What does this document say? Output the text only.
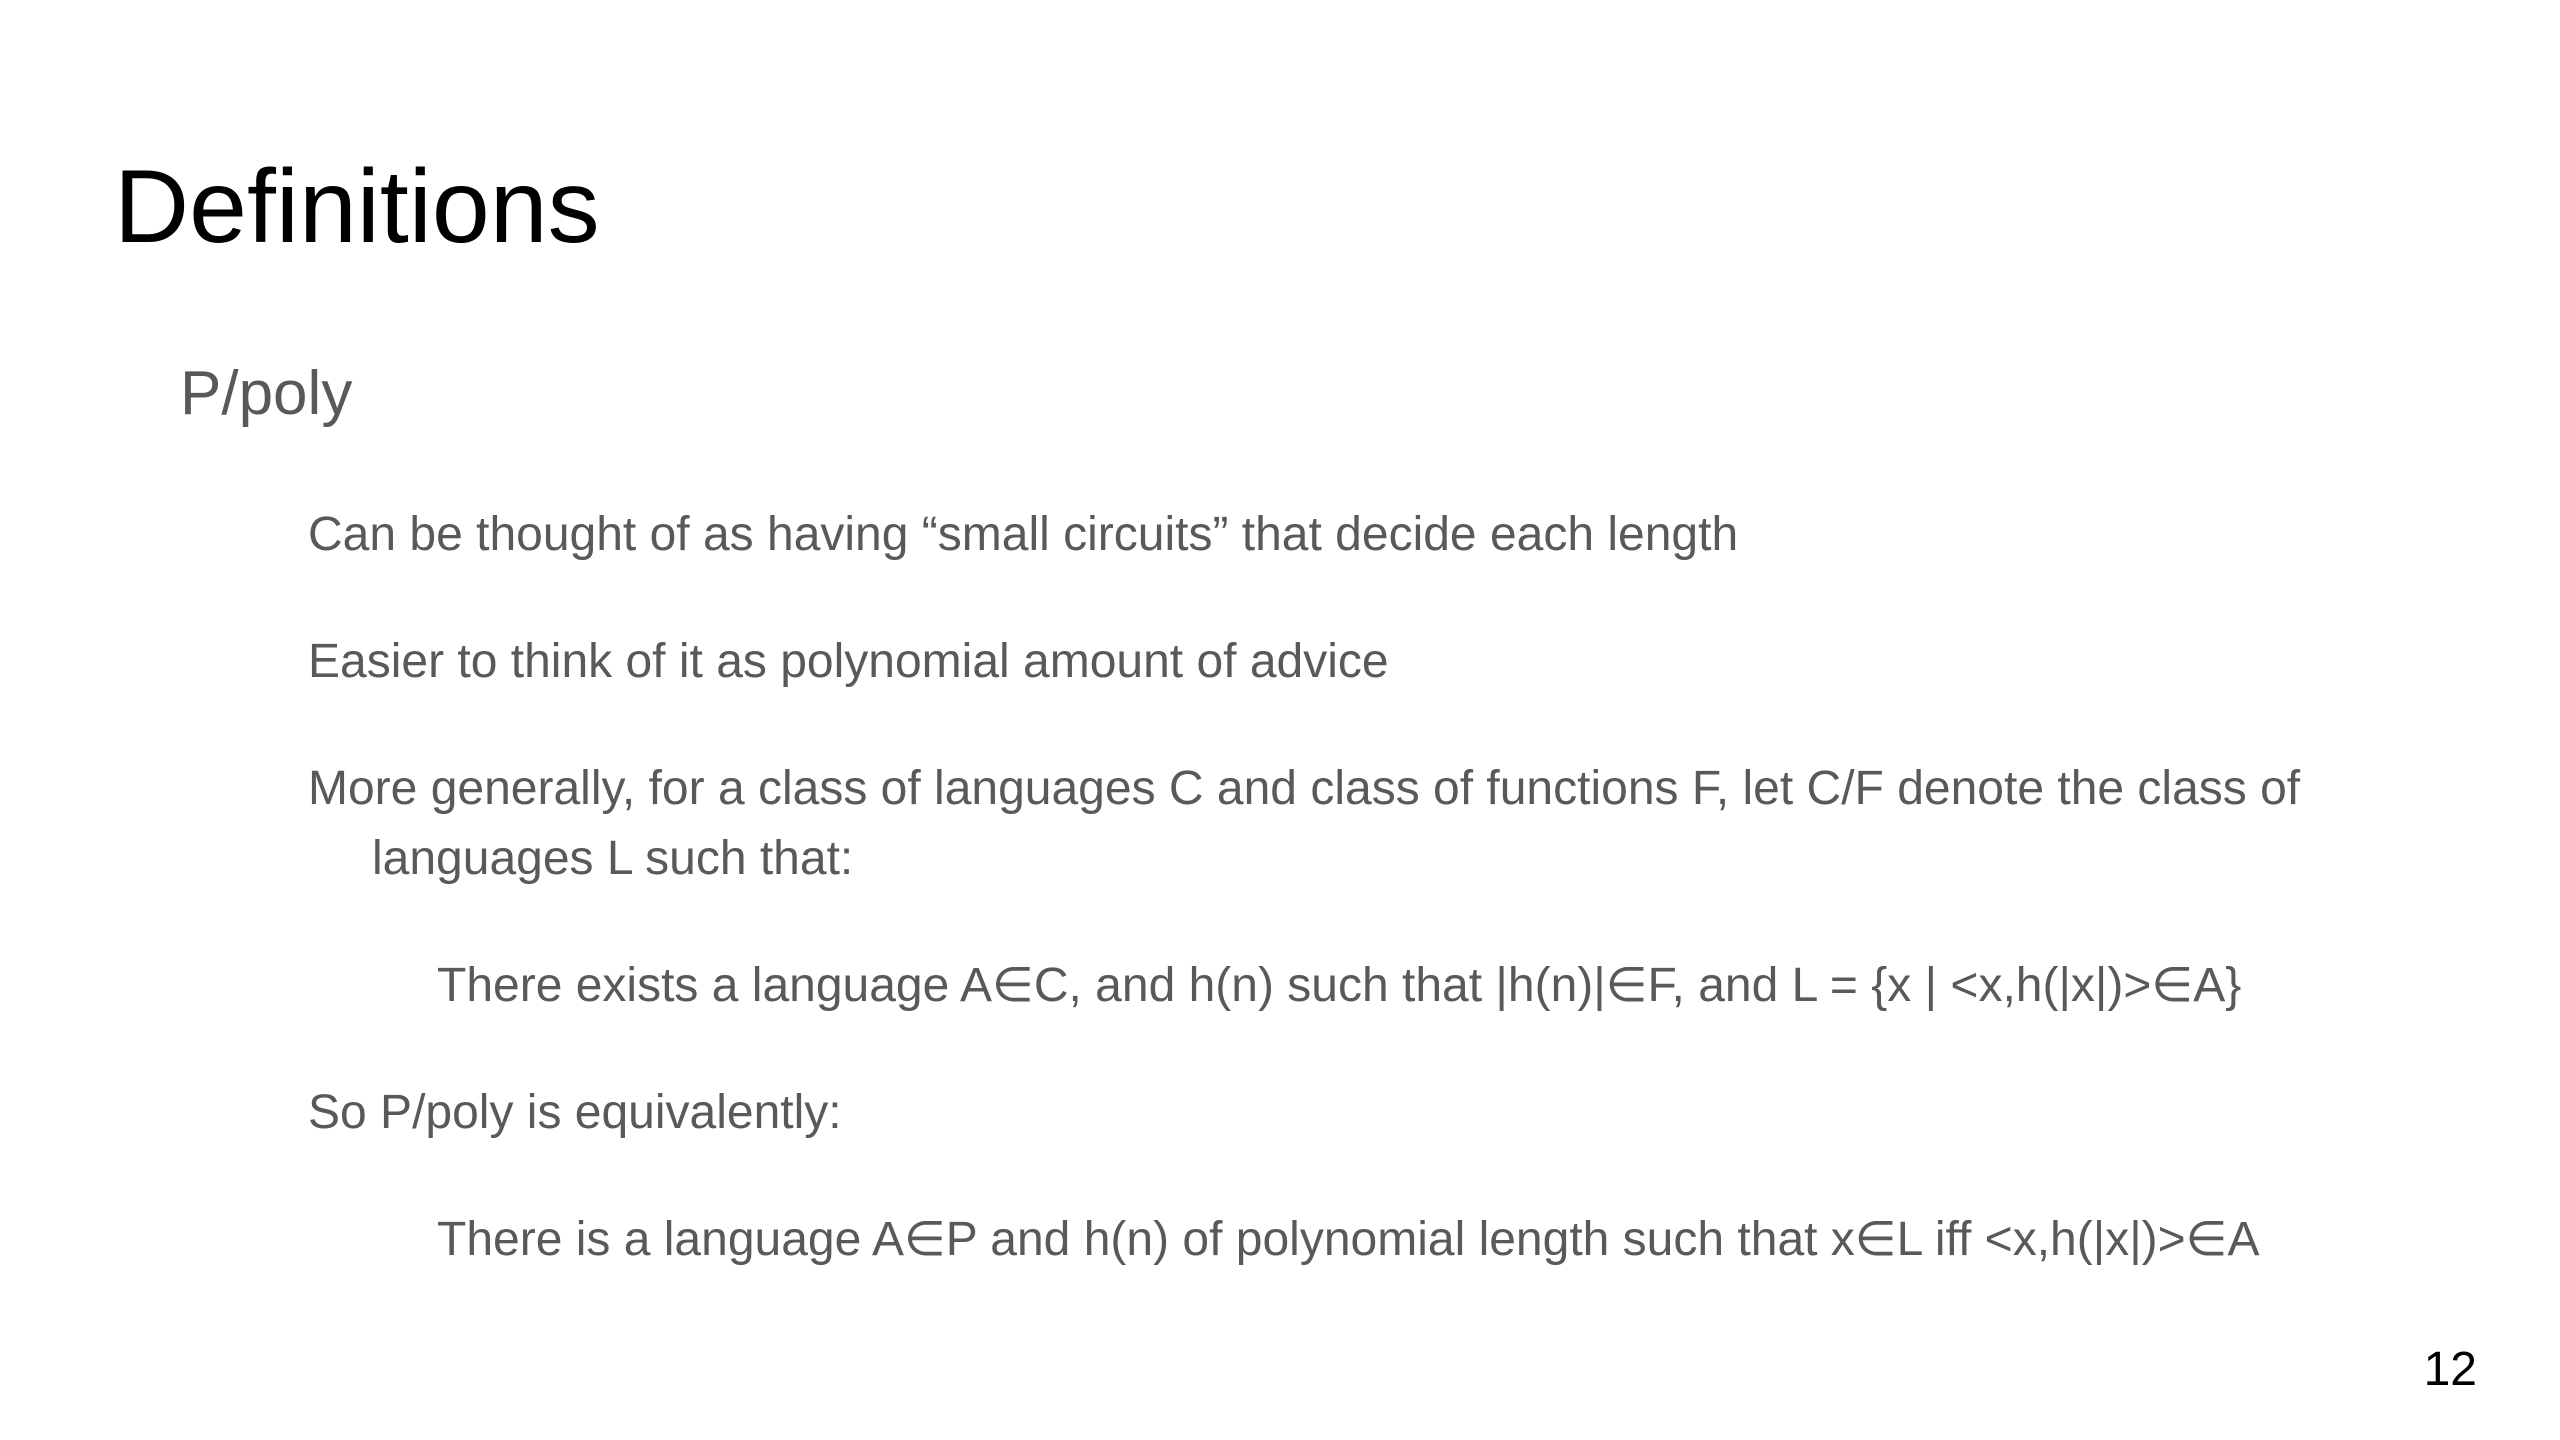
Definitions
P/poly
Can be thought of as having “small circuits” that decide each length
Easier to think of it as polynomial amount of advice
More generally, for a class of languages C and class of functions F, let C/F denote the class of languages L such that:
There exists a language A∈C, and h(n) such that |h(n)|∈F, and L = {x | <x,h(|x|)>∈A}
So P/poly is equivalently:
There is a language A∈P and h(n) of polynomial length such that x∈L iff <x,h(|x|)>∈A
12
